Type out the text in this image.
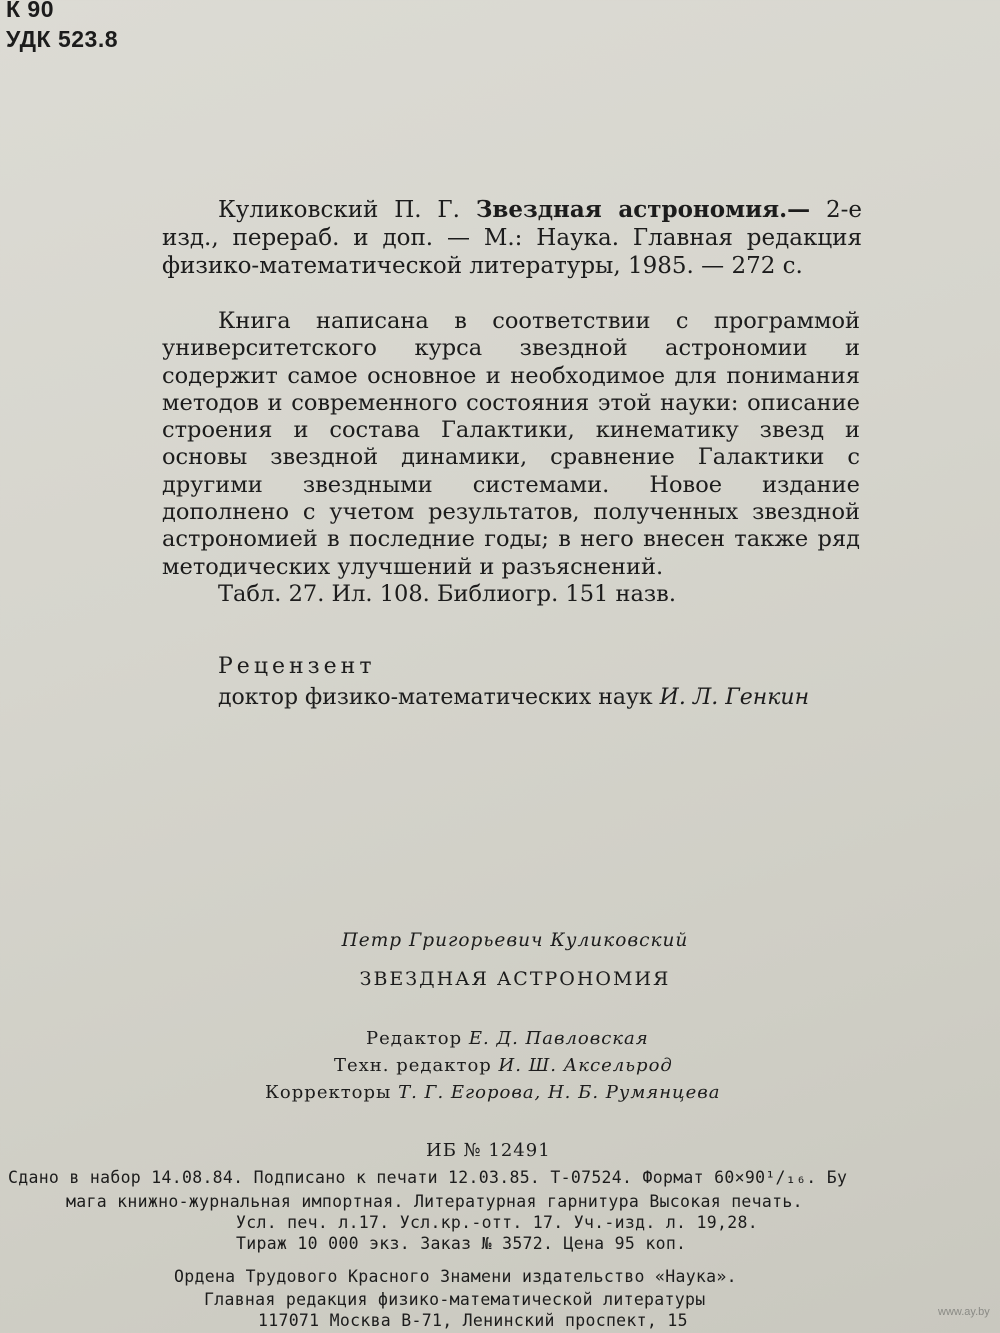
К 90
УДК 523.8
Куликовский П. Г. Звездная астрономия.— 2-е изд., перераб. и доп. — М.: Наука. Главная редакция физико-математической литературы, 1985. — 272 с.

Книга написана в соответствии с программой университетского курса звездной астрономии и содержит самое основное и необходимое для понимания методов и современного состояния этой науки: описание строения и состава Галактики, кинематику звезд и основы звездной динамики, сравнение Галактики с другими звездными системами. Новое издание дополнено с учетом результатов, полученных звездной астрономией в последние годы; в него внесен также ряд методических улучшений и разъяснений.

Табл. 27. Ил. 108. Библиогр. 151 назв.

Рецензент
доктор физико-математических наук И. Л. Генкин
Петр Григорьевич Куликовский
ЗВЕЗДНАЯ АСТРОНОМИЯ
Редактор Е. Д. Павловская
Техн. редактор И. Ш. Аксельрод
Корректоры Т. Г. Егорова, Н. Б. Румянцева
ИБ № 12491
Сдано в набор 14.08.84. Подписано к печати 12.03.85. Т-07524. Формат 60×90¹/₁₆. Бу
мага книжно-журнальная импортная. Литературная гарнитура Высокая печать.
Усл. печ. л.17. Усл.кр.-отт. 17. Уч.-изд. л. 19,28.
Тираж 10 000 экз. Заказ № 3572. Цена 95 коп.
Ордена Трудового Красного Знамени издательство «Наука».
Главная редакция физико-математической литературы
117071 Москва В-71, Ленинский проспект, 15	www.ay.by
